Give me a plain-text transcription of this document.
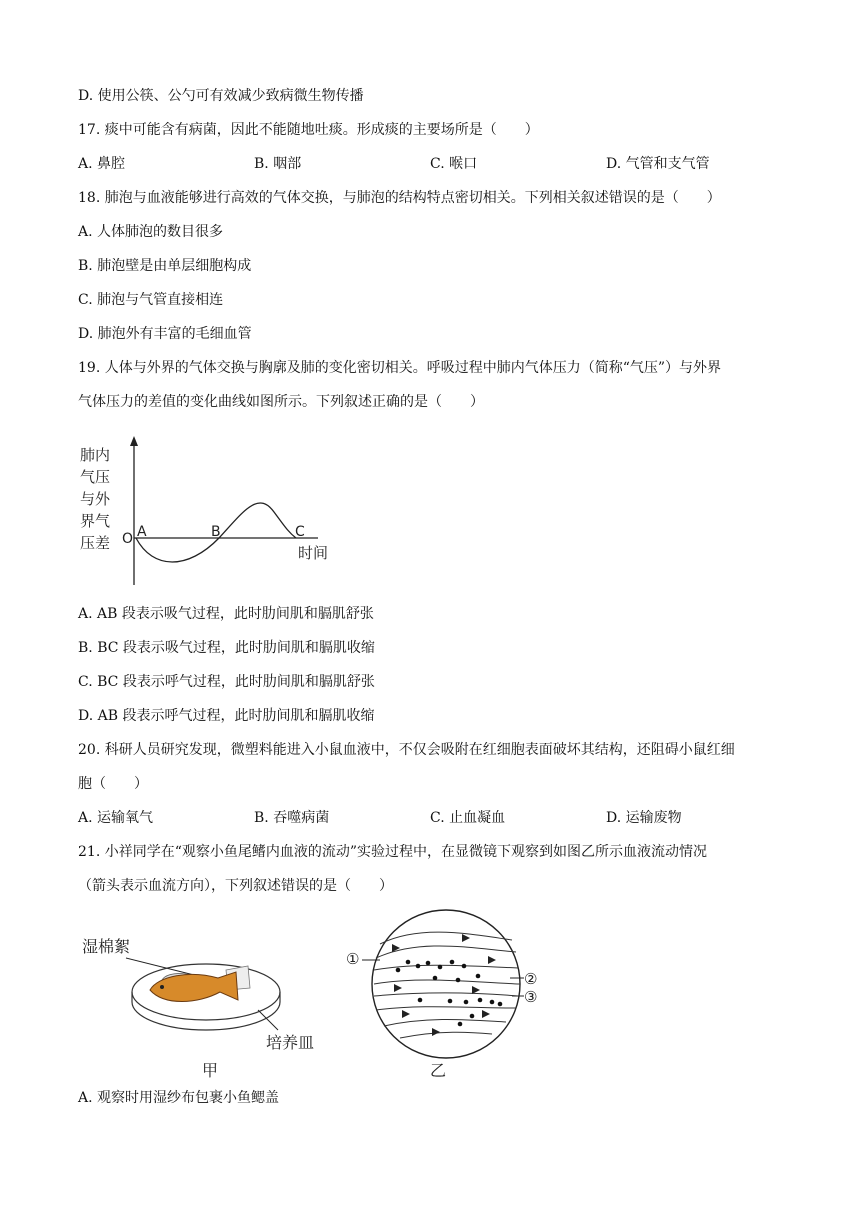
D. 使用公筷、公勺可有效减少致病微生物传播
17. 痰中可能含有病菌，因此不能随地吐痰。形成痰的主要场所是（　　）
A. 鼻腔	B. 咽部	C. 喉口	D. 气管和支气管
18. 肺泡与血液能够进行高效的气体交换，与肺泡的结构特点密切相关。下列相关叙述错误的是（　　）
A. 人体肺泡的数目很多
B. 肺泡壁是由单层细胞构成
C. 肺泡与气管直接相连
D. 肺泡外有丰富的毛细血管
19. 人体与外界的气体交换与胸廓及肺的变化密切相关。呼吸过程中肺内气体压力（简称“气压”）与外界
气体压力的差值的变化曲线如图所示。下列叙述正确的是（　　）
肺内
气压
与外
界气
压差 O A	B	C
时间
A. AB 段表示吸气过程，此时肋间肌和膈肌舒张
B. BC 段表示吸气过程，此时肋间肌和膈肌收缩
C. BC 段表示呼气过程，此时肋间肌和膈肌舒张
D. AB 段表示呼气过程，此时肋间肌和膈肌收缩
20. 科研人员研究发现，微塑料能进入小鼠血液中，不仅会吸附在红细胞表面破坏其结构，还阻碍小鼠红细
胞（　　）
A. 运输氧气	B. 吞噬病菌	C. 止血凝血	D. 运输废物
21. 小祥同学在“观察小鱼尾鳍内血液的流动”实验过程中，在显微镜下观察到如图乙所示血液流动情况
（箭头表示血流方向），下列叙述错误的是（　　）
湿棉絮
培养皿
甲
①
②
③
乙
A. 观察时用湿纱布包裹小鱼鳃盖
